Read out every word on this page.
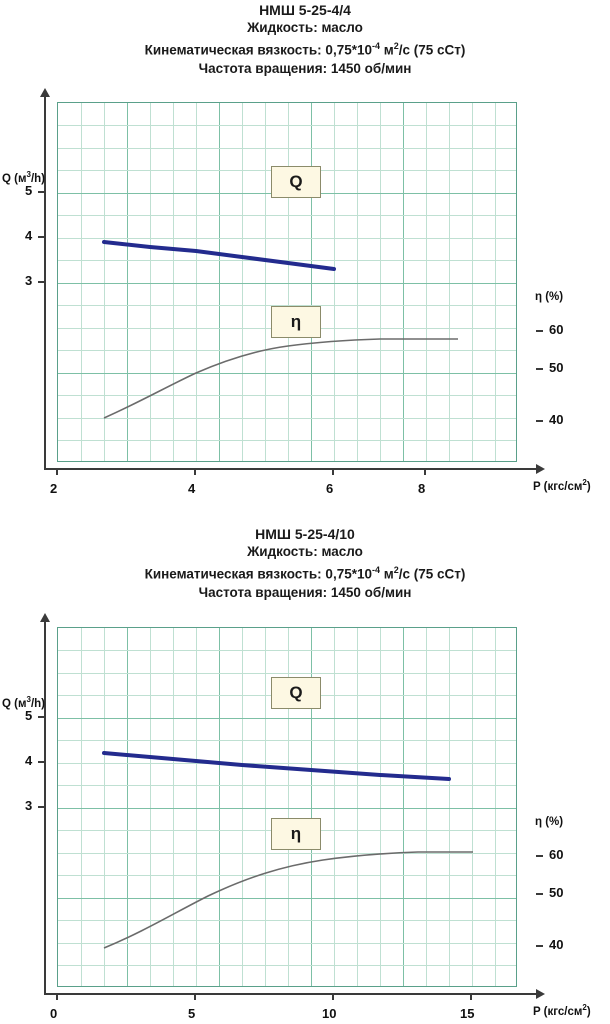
НМШ 5-25-4/4
Жидкость: масло
Кинематическая вязкость: $0,75*10^{-4}$ $м^2/с$ (75 сСт)
Частота вращения: 1450 об/мин
Q
η
3
4
5
2	4	6	8
60
50
40
Q $(м^3/h)$
η (%)
P $(кгс/см^2)$
НМШ 5-25-4/10
Жидкость: масло
Кинематическая вязкость: $0,75*10^{-4}$ $м^2/с$ (75 сСт)
Частота вращения: 1450 об/мин
Q
η
3
4
5
0	5	10	15
60
50
40
Q $(м^3/h)$
η (%)
P $(кгс/см^2)$
